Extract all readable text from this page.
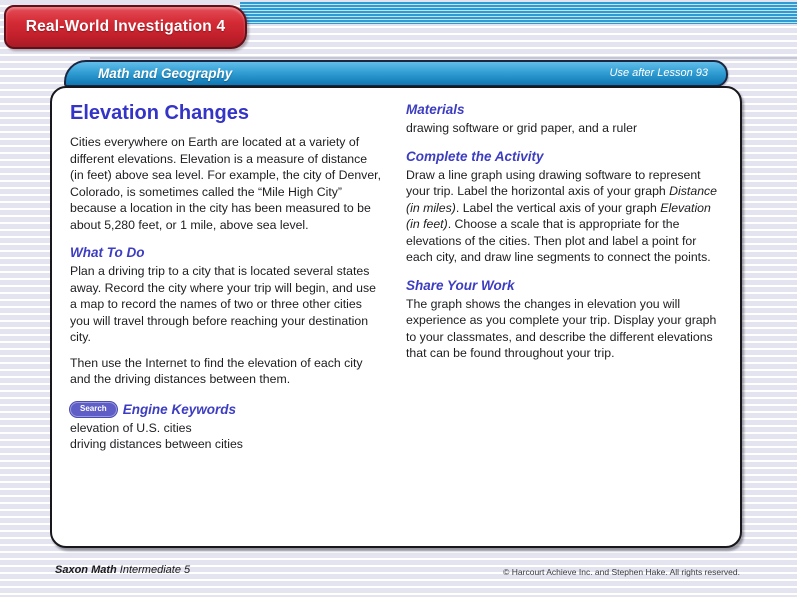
Real-World Investigation 4
Math and Geography	Use after Lesson 93
Elevation Changes

Cities everywhere on Earth are located at a variety of different elevations. Elevation is a measure of distance (in feet) above sea level. For example, the city of Denver, Colorado, is sometimes called the “Mile High City” because a location in the city has been measured to be about 5,280 feet, or 1 mile, above sea level.

What To Do

Plan a driving trip to a city that is located several states away. Record the city where your trip will begin, and use a map to record the names of two or three other cities you will travel through before reaching your destination city.

Then use the Internet to find the elevation of each city and the driving distances between them.

Search	Engine Keywords
elevation of U.S. cities
driving distances between cities
Materials

drawing software or grid paper, and a ruler

Complete the Activity

Draw a line graph using drawing software to represent your trip. Label the horizontal axis of your graph Distance (in miles). Label the vertical axis of your graph Elevation (in feet). Choose a scale that is appropriate for the elevations of the cities. Then plot and label a point for each city, and draw line segments to connect the points.

Share Your Work

The graph shows the changes in elevation you will experience as you complete your trip. Display your graph to your classmates, and describe the different elevations that can be found throughout your trip.

Saxon Math Intermediate 5	© Harcourt Achieve Inc. and Stephen Hake. All rights reserved.
